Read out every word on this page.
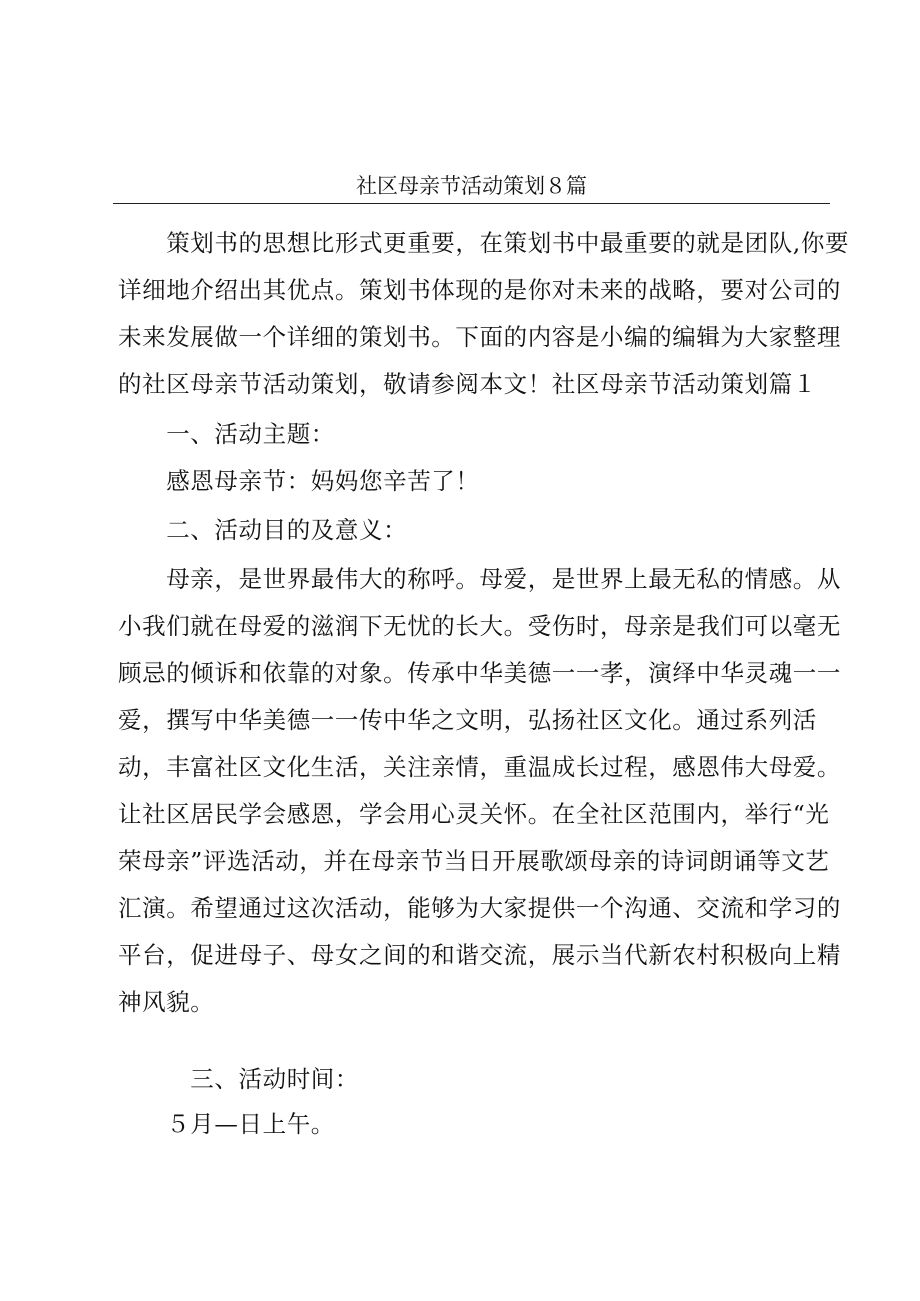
社区母亲节活动策划８篇
　　策划书的思想比形式更重要，在策划书中最重要的就是团队,你要
详细地介绍出其优点。策划书体现的是你对未来的战略，要对公司的
未来发展做一个详细的策划书。下面的内容是小编的编辑为大家整理
的社区母亲节活动策划，敬请参阅本文！社区母亲节活动策划篇１
　　一、活动主题：
　　感恩母亲节：妈妈您辛苦了！
　　二、活动目的及意义：
　　母亲，是世界最伟大的称呼。母爱，是世界上最无私的情感。从
小我们就在母爱的滋润下无忧的长大。受伤时，母亲是我们可以毫无
顾忌的倾诉和依靠的对象。传承中华美德一一孝，演绎中华灵魂一一
爱，撰写中华美德一一传中华之文明，弘扬社区文化。通过系列活
动，丰富社区文化生活，关注亲情，重温成长过程，感恩伟大母爱。
让社区居民学会感恩，学会用心灵关怀。在全社区范围内，举行“光
荣母亲”评选活动，并在母亲节当日开展歌颂母亲的诗词朗诵等文艺
汇演。希望通过这次活动，能够为大家提供一个沟通、交流和学习的
平台，促进母子、母女之间的和谐交流，展示当代新农村积极向上精
神风貌。
　　　三、活动时间：
　　５月—日上午。
